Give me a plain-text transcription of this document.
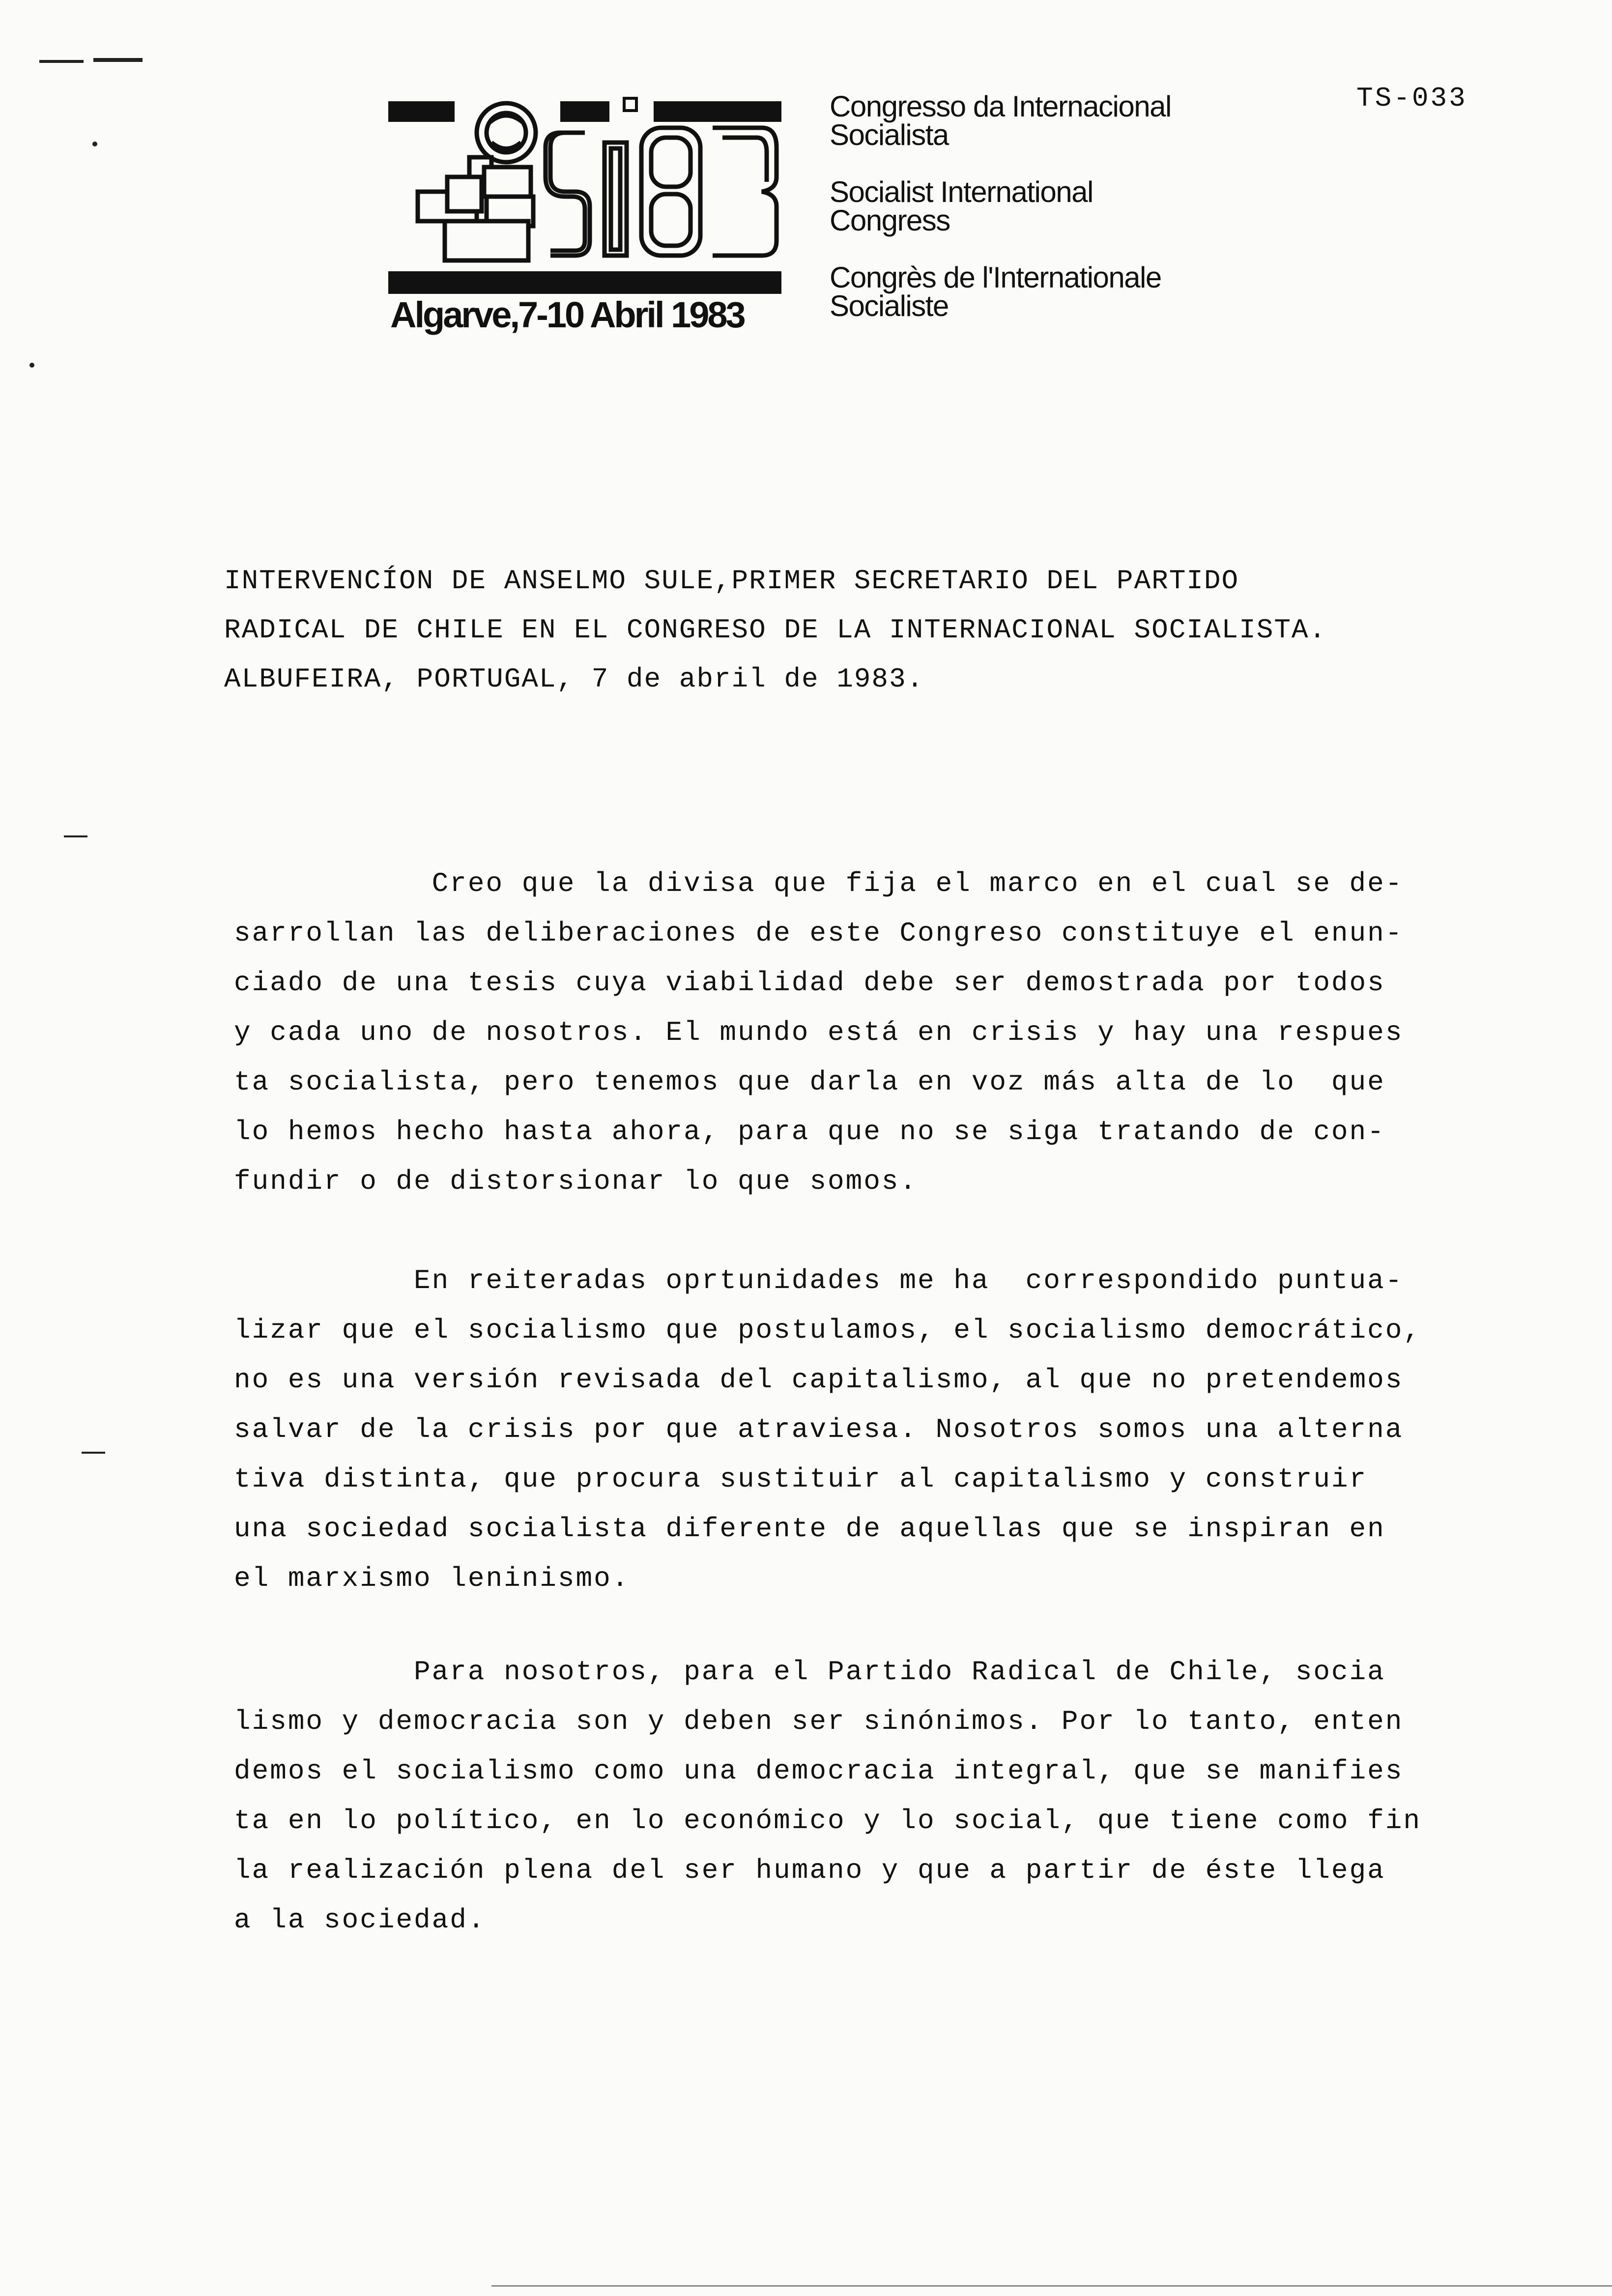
Algarve,7-10 Abril 1983
Congresso da Internacional
Socialista
Socialist International
Congress
Congrès de l'Internationale
Socialiste
TS-033
INTERVENCÍON DE ANSELMO SULE,PRIMER SECRETARIO DEL PARTIDO
RADICAL DE CHILE EN EL CONGRESO DE LA INTERNACIONAL SOCIALISTA.
ALBUFEIRA, PORTUGAL, 7 de abril de 1983.
Creo que la divisa que fija el marco en el cual se de-
sarrollan las deliberaciones de este Congreso constituye el enun-
ciado de una tesis cuya viabilidad debe ser demostrada por todos
y cada uno de nosotros. El mundo está en crisis y hay una respues
ta socialista, pero tenemos que darla en voz más alta de lo  que
lo hemos hecho hasta ahora, para que no se siga tratando de con-
fundir o de distorsionar lo que somos.
En reiteradas oprtunidades me ha  correspondido puntua-
lizar que el socialismo que postulamos, el socialismo democrático,
no es una versión revisada del capitalismo, al que no pretendemos
salvar de la crisis por que atraviesa. Nosotros somos una alterna
tiva distinta, que procura sustituir al capitalismo y construir
una sociedad socialista diferente de aquellas que se inspiran en
el marxismo leninismo.
Para nosotros, para el Partido Radical de Chile, socia
lismo y democracia son y deben ser sinónimos. Por lo tanto, enten
demos el socialismo como una democracia integral, que se manifies
ta en lo político, en lo económico y lo social, que tiene como fin
la realización plena del ser humano y que a partir de éste llega
a la sociedad.
